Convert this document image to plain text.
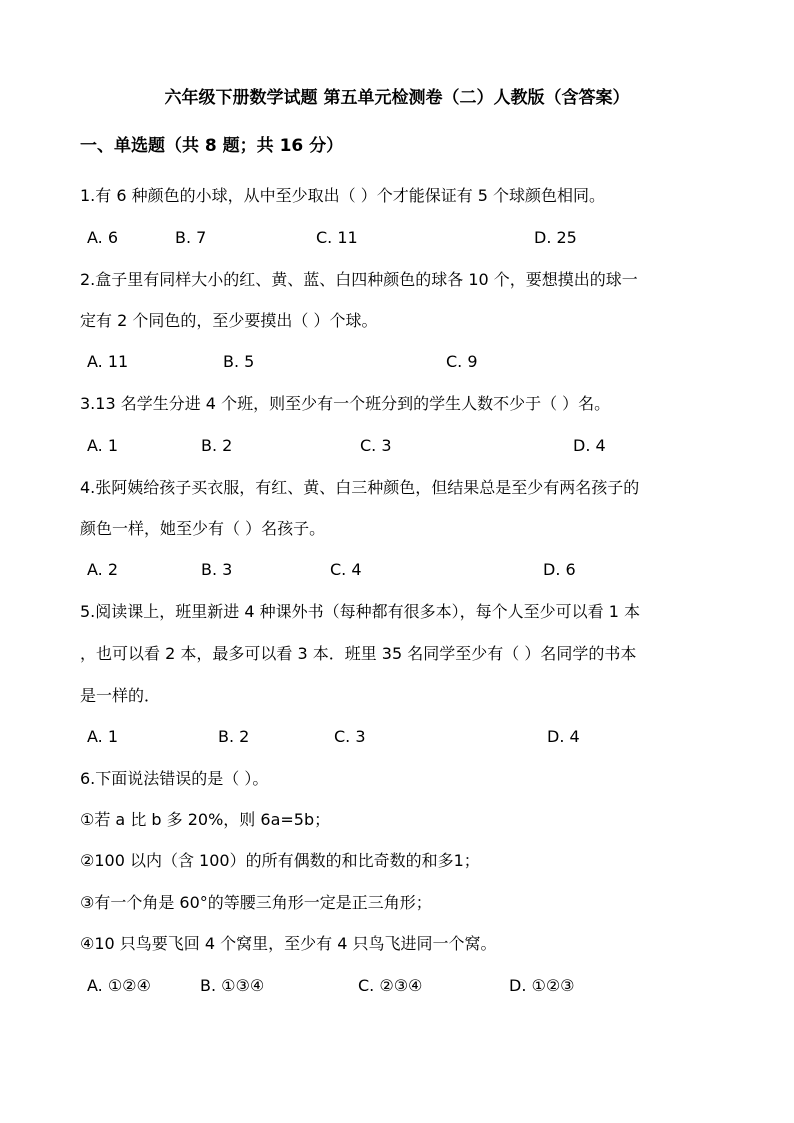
六年级下册数学试题 第五单元检测卷（二）人教版（含答案）
一、单选题（共 8 题；共 16 分）
1.有 6 种颜色的小球，从中至少取出（ ）个才能保证有 5 个球颜色相同。
A. 6	B. 7	C. 11	D. 25
2.盒子里有同样大小的红、黄、蓝、白四种颜色的球各 10 个，要想摸出的球一
定有 2 个同色的，至少要摸出（ ）个球。
A. 11	B. 5	C. 9
3.13 名学生分进 4 个班，则至少有一个班分到的学生人数不少于（ ）名。
A. 1	B. 2	C. 3	D. 4
4.张阿姨给孩子买衣服，有红、黄、白三种颜色，但结果总是至少有两名孩子的
颜色一样，她至少有（ ）名孩子。
A. 2	B. 3	C. 4	D. 6
5.阅读课上，班里新进 4 种课外书（每种都有很多本），每个人至少可以看 1 本
，也可以看 2 本，最多可以看 3 本．班里 35 名同学至少有（ ）名同学的书本
是一样的．
A. 1	B. 2	C. 3	D. 4
6.下面说法错误的是（ ）。
①若 a 比 b 多 20%，则 6a=5b；
②100 以内（含 100）的所有偶数的和比奇数的和多1；
③有一个角是 60°的等腰三角形一定是正三角形；
④10 只鸟要飞回 4 个窝里，至少有 4 只鸟飞进同一个窝。
A. ①②④	B. ①③④	C. ②③④	D. ①②③
